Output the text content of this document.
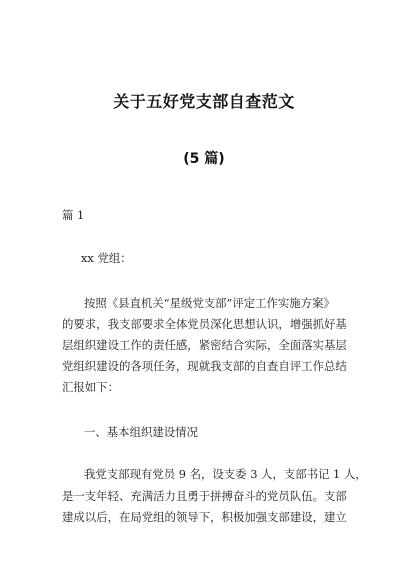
关于五好党支部自查范文
(5 篇)
篇 1
xx 党组：
按照《县直机关“星级党支部”评定工作实施方案》
的要求，我支部要求全体党员深化思想认识，增强抓好基
层组织建设工作的责任感，紧密结合实际，全面落实基层
党组织建设的各项任务，现就我支部的自查自评工作总结
汇报如下：
一、基本组织建设情况
我党支部现有党员 9 名，设支委 3 人，支部书记 1 人，
是一支年轻、充满活力且勇于拼搏奋斗的党员队伍。支部
建成以后，在局党组的领导下，积极加强支部建设，建立
